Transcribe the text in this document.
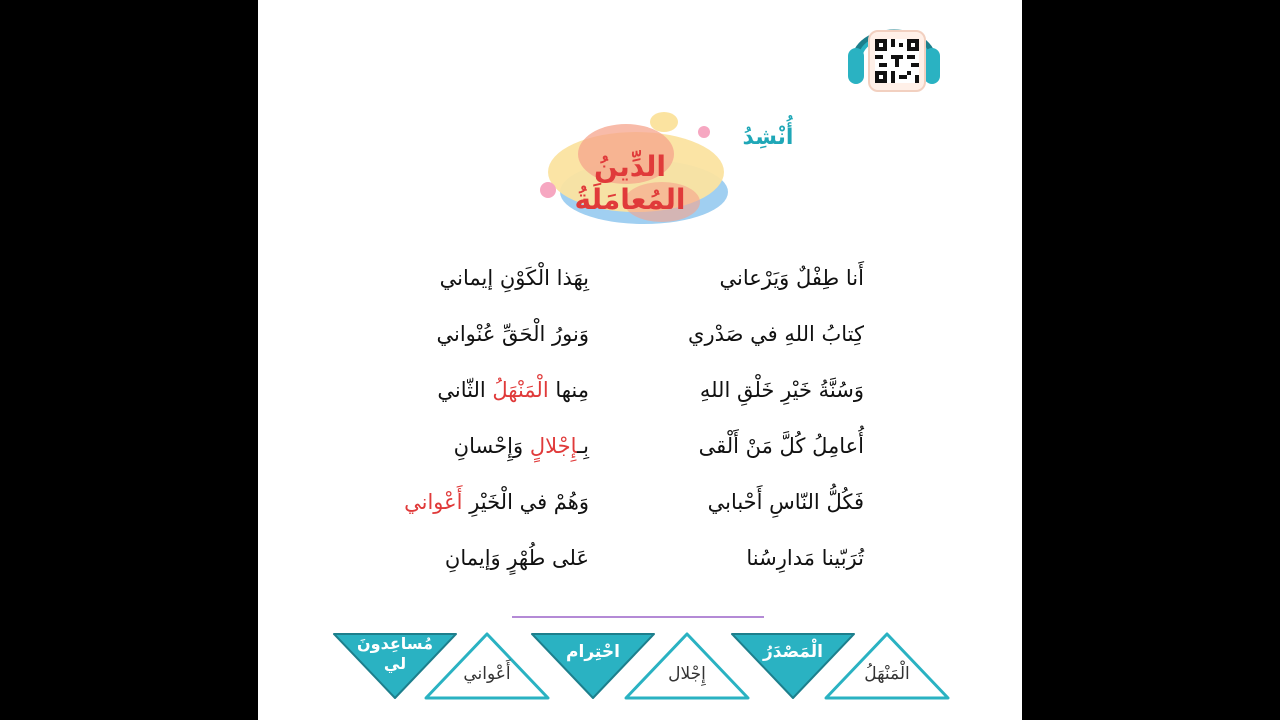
أُنْشِدُ
الدِّينُ المُعامَلَةُ
أَنا طِفْلٌ وَيَرْعاني
بِهَذا الْكَوْنِ إيماني
كِتابُ اللهِ في صَدْري
وَنورُ الْحَقِّ عُنْواني
وَسُنَّةُ خَيْرِ خَلْقِ اللهِ
مِنها الْمَنْهَلُ الثّاني
أُعامِلُ كُلَّ مَنْ أَلْقى
بِـإِجْلالٍ وَإِحْسانِ
فَكُلُّ النّاسِ أَحْبابي
وَهُمْ في الْخَيْرِ أَعْواني
تُرَبّينا مَدارِسُنا
عَلى طُهْرٍ وَإيمانِ
الْمَنْهَلُ
الْمَصْدَرُ
إِجْلال
احْتِرام
أَعْواني
مُساعِدونَ
لي
